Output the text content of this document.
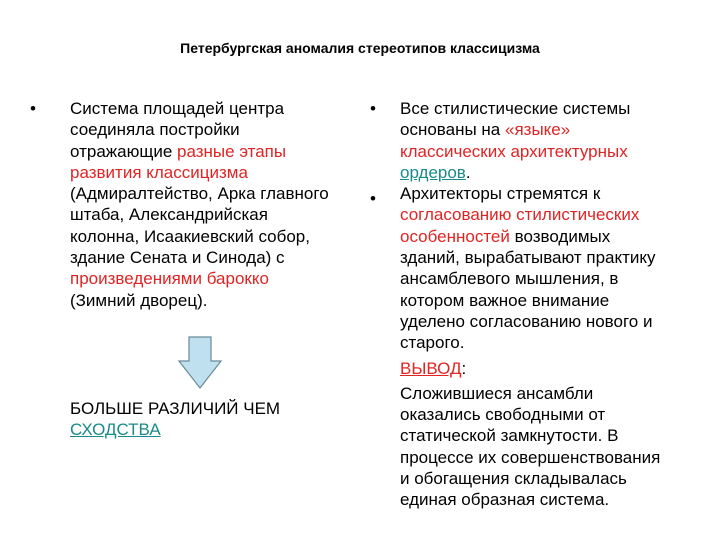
Петербургская аномалия стереотипов классицизма
• Система площадей центра
соединяла постройки
отражающие разные этапы
развития классицизма
(Адмиралтейство, Арка главного
штаба, Александрийская
колонна, Исаакиевский собор,
здание Сената и Синода) с
произведениями барокко
(Зимний дворец).
БОЛЬШЕ РАЗЛИЧИЙ ЧЕМ
СХОДСТВА
•
•
Все стилистические системы
основаны на «языке»
классических архитектурных
ордеров.
Архитекторы стремятся к
согласованию стилистических
особенностей возводимых
зданий, вырабатывают практику
ансамблевого мышления, в
котором важное внимание
уделено согласованию нового и
старого.
ВЫВОД:
Сложившиеся ансамбли
оказались свободными от
статической замкнутости. В
процессе их совершенствования
и обогащения складывалась
единая образная система.
